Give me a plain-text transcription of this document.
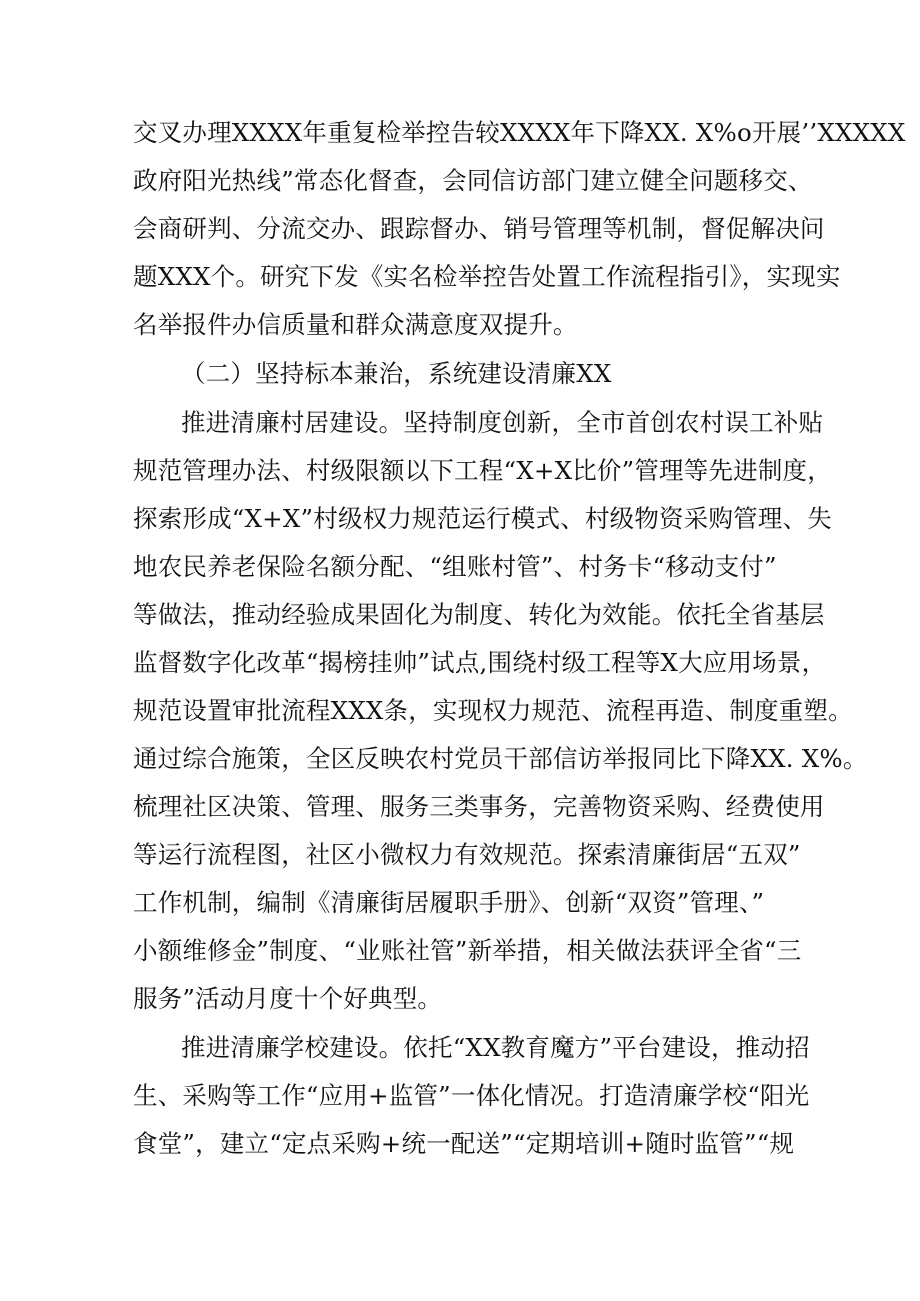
交叉办理XXXX年重复检举控告较XXXX年下降XX. X%o开展’’XXXXX
政府阳光热线”常态化督查，会同信访部门建立健全问题移交、
会商研判、分流交办、跟踪督办、销号管理等机制，督促解决问
题XXX个。研究下发《实名检举控告处置工作流程指引》，实现实
名举报件办信质量和群众满意度双提升。
（二）坚持标本兼治，系统建设清廉XX
推进清廉村居建设。坚持制度创新，全市首创农村误工补贴
规范管理办法、村级限额以下工程“X+X比价”管理等先进制度，
探索形成“X+X”村级权力规范运行模式、村级物资采购管理、失
地农民养老保险名额分配、“组账村管”、村务卡“移动支付”
等做法，推动经验成果固化为制度、转化为效能。依托全省基层
监督数字化改革“揭榜挂帅”试点,围绕村级工程等X大应用场景，
规范设置审批流程XXX条，实现权力规范、流程再造、制度重塑。
通过综合施策，全区反映农村党员干部信访举报同比下降XX. X%。
梳理社区决策、管理、服务三类事务，完善物资采购、经费使用
等运行流程图，社区小微权力有效规范。探索清廉街居“五双”
工作机制，编制《清廉街居履职手册》、创新“双资”管理、”
小额维修金”制度、“业账社管”新举措，相关做法获评全省“三
服务”活动月度十个好典型。
推进清廉学校建设。依托“XX教育魔方”平台建设，推动招
生、采购等工作“应用+监管”一体化情况。打造清廉学校“阳光
食堂”，建立“定点采购+统一配送”“定期培训+随时监管”“规
